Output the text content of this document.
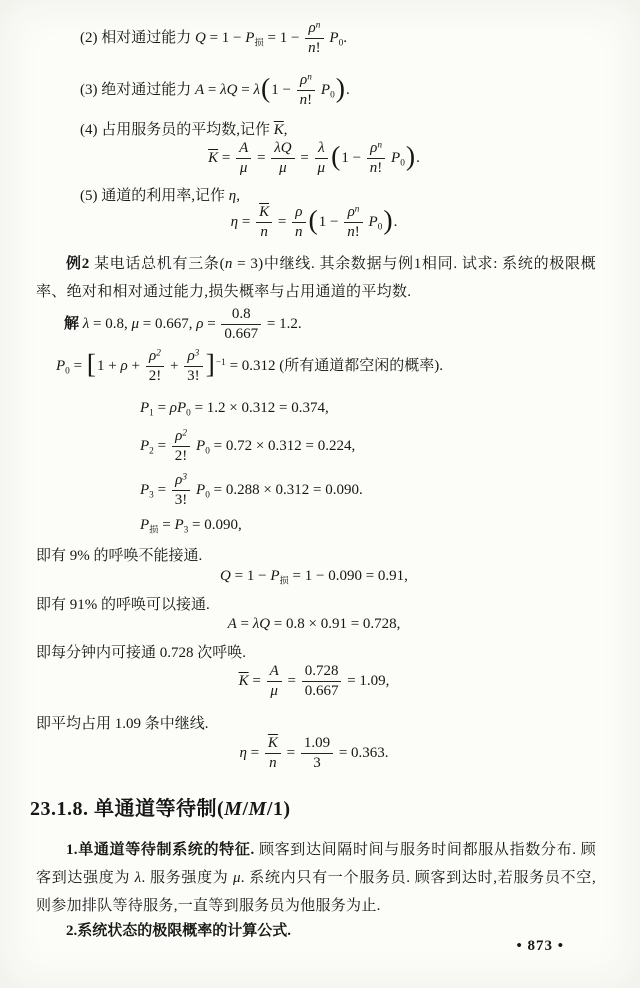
(2) 相对通过能力 $Q = 1 - P_损 = 1 - \frac{\rho^n}{n!} P_0$.
(3) 绝对通过能力 $A = \lambda Q = \lambda(1 - \frac{\rho^n}{n!} P_0)$.
(4) 占用服务员的平均数,记作 $\overline{K}$,
$\overline{K} = \frac{A}{\mu} = \frac{\lambda Q}{\mu} = \frac{\lambda}{\mu} (1 - \frac{\rho^n}{n!} P_0)$.
(5) 通道的利用率,记作 η,
$\eta = \frac{\overline{K}}{n} = \frac{\rho}{n} (1 - \frac{\rho^n}{n!} P_0)$.
例2 某电话总机有三条(n = 3)中继线. 其余数据与例1相同. 试求: 系统的极限概率、绝对和相对通过能力,损失概率与占用通道的平均数.
解 λ = 0.8, μ = 0.667, $\rho = \frac{0.8}{0.667} = 1.2$.
$P_0 = [1 + \rho + \frac{\rho^2}{2!} + \frac{\rho^3}{3!} ]^{-1} = 0.312$ (所有通道都空闲的概率).
$P_1 = \rho P_0 = 1.2 \times 0.312 = 0.374$,
$P_2 = \frac{\rho^2}{2!} P_0 = 0.72 \times 0.312 = 0.224$,
$P_3 = \frac{\rho^3}{3!} P_0 = 0.288 \times 0.312 = 0.090$.
$P_损 = P_3 = 0.090$,
即有 9% 的呼唤不能接通.
$Q = 1 - P_损 = 1 - 0.090 = 0.91$,
即有 91% 的呼唤可以接通.
A = λQ = 0.8 × 0.91 = 0.728,
即每分钟内可接通 0.728 次呼唤.
$\overline{K} = \frac{A}{\mu} = \frac{0.728}{0.667} = 1.09$,
即平均占用 1.09 条中继线.
$\eta = \frac{\overline{K}}{n} = \frac{1.09}{3} = 0.363$.
23.1.8. 单通道等待制(M/M/1)
1.单通道等待制系统的特征. 顾客到达间隔时间与服务时间都服从指数分布. 顾客到达强度为 λ. 服务强度为 μ. 系统内只有一个服务员. 顾客到达时,若服务员不空,则参加排队等待服务,一直等到服务员为他服务为止.
2.系统状态的极限概率的计算公式.
• 873 •
